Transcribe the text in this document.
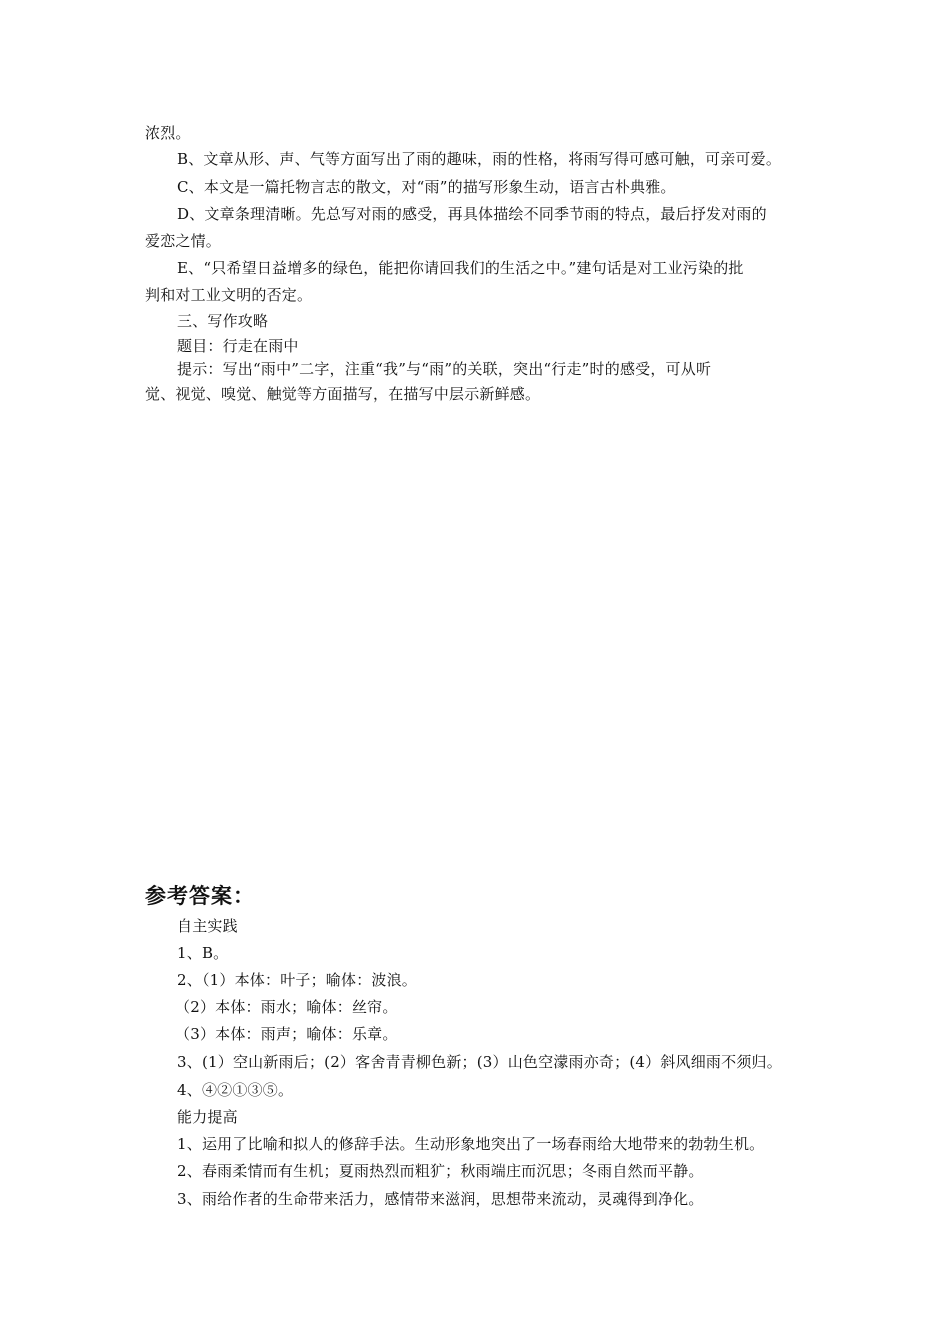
浓烈。
B、文章从形、声、气等方面写出了雨的趣味，雨的性格，将雨写得可感可触，可亲可爱。
C、本文是一篇托物言志的散文，对“雨”的描写形象生动，语言古朴典雅。
D、文章条理清晰。先总写对雨的感受，再具体描绘不同季节雨的特点，最后抒发对雨的
爱恋之情。
E、“只希望日益增多的绿色，能把你请回我们的生活之中。”建句话是对工业污染的批
判和对工业文明的否定。
三、写作攻略
题目：行走在雨中
提示：写出“雨中”二字，注重“我”与“雨”的关联，突出“行走”时的感受，可从听
觉、视觉、嗅觉、触觉等方面描写，在描写中层示新鲜感。
参考答案：
自主实践
1、B。
2、（1）本体：叶子；喻体：波浪。
（2）本体：雨水；喻体：丝帘。
（3）本体：雨声；喻体：乐章。
3、(1）空山新雨后；(2）客舍青青柳色新；(3）山色空濛雨亦奇；(4）斜风细雨不须归。
4、④②①③⑤。
能力提高
1、运用了比喻和拟人的修辞手法。生动形象地突出了一场春雨给大地带来的勃勃生机。
2、春雨柔情而有生机；夏雨热烈而粗犷；秋雨端庄而沉思；冬雨自然而平静。
3、雨给作者的生命带来活力，感情带来滋润，思想带来流动，灵魂得到净化。
